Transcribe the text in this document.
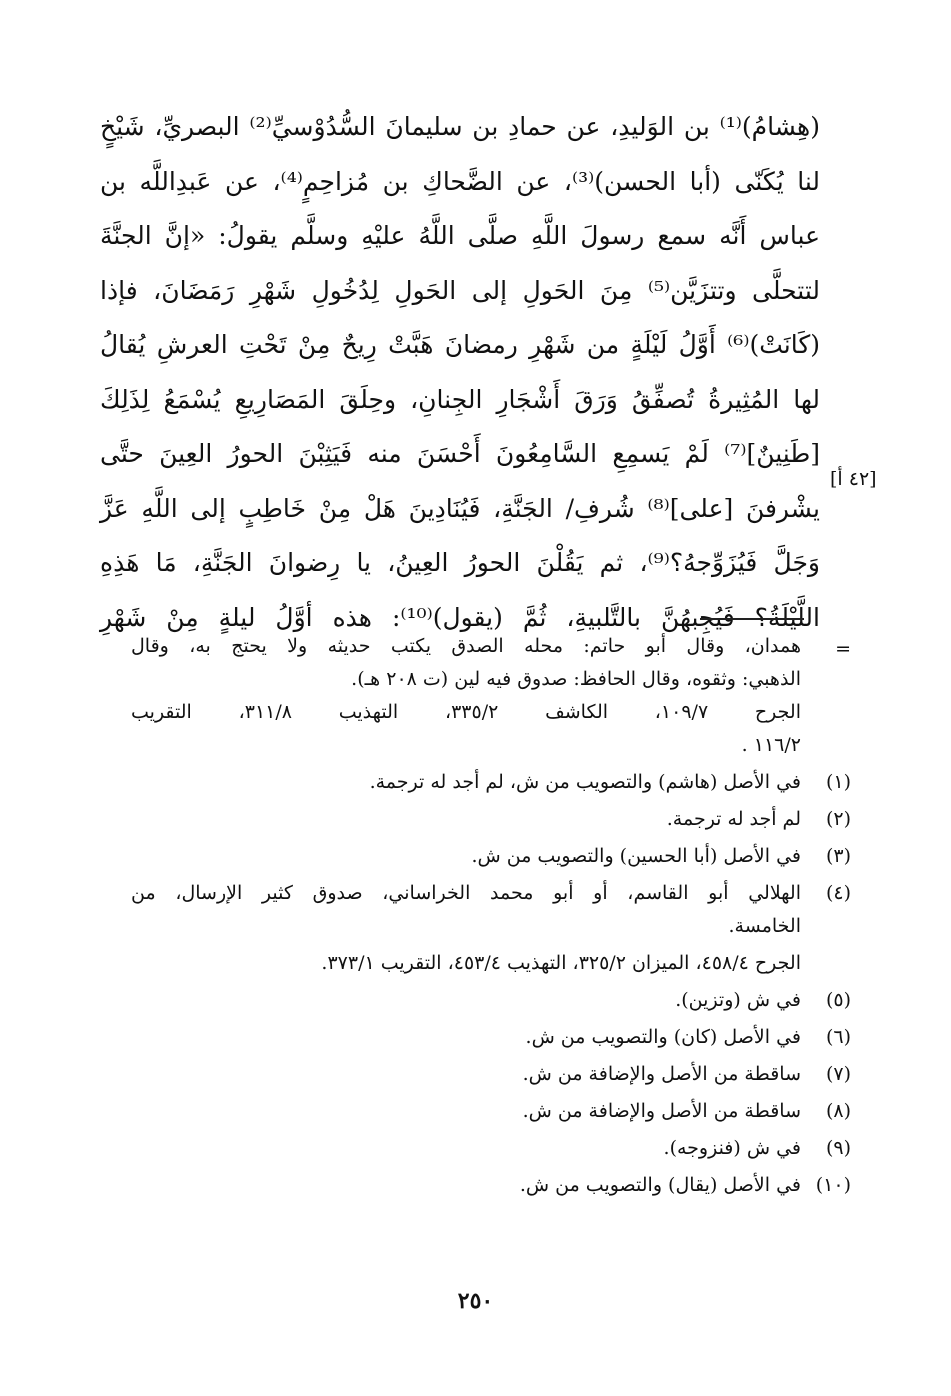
(هِشامُ)⁽¹⁾ بن الوَليدِ، عن حمادِ بن سليمانَ السُّدُوْسيِّ⁽²⁾ البصريِّ، شَيْخٍ
لنا يُكَنّى (أبا الحسن)⁽³⁾، عن الضَّحاكِ بن مُزاحِمٍ⁽⁴⁾، عن عَبدِاللَّه بن
عباس أَنَّه سمع رسولَ اللَّهِ صلَّى اللَّهُ عليْهِ وسلَّم يقولُ: «إنَّ الجنَّةَ
لتتحلَّى وتتزَيَّن⁽⁵⁾ مِنَ الحَولِ إلى الحَولِ لِدُخُولِ شَهْرِ رَمَضَانَ، فإذا
(كَانَتْ)⁽⁶⁾ أَوَّلُ لَيْلَةٍ من شَهْرِ رمضانَ هَبَّتْ رِيحٌ مِنْ تَحْتِ العرشِ يُقالُ
لها المُثِيرةُ تُصفِّقُ وَرَقَ أَشْجَارِ الجِنانِ، وحِلَقَ المَصَارِيعِ يُسْمَعُ لِذَلِكَ
[طَنِينٌ]⁽⁷⁾ لَمْ يَسمِعِ السَّامِعُونَ أَحْسَنَ منه فَيَثِبْنَ الحورُ العِينَ حتَّى
يشْرفنَ [على]⁽⁸⁾ شُرفِ/ الجَنَّةِ، فَيُنَادِينَ هَلْ مِنْ خَاطِبٍ إلى اللَّهِ عَزَّ
وَجَلَّ فَيُزَوِّجهُ؟⁽⁹⁾، ثم يَقُلْنَ الحورُ العِينُ، يا رِضوانَ الجَنَّةِ، مَا هَذِهِ
اللَّيْلَةُ؟ فَيُجِبهُنَّ بالتَّلبيةِ، ثُمَّ (يقول)⁽¹⁰⁾: هذه أوَّلُ ليلةٍ مِنْ شَهْرِ
[٤٢ أ]
=
همدان، وقال أبو حاتم: محله الصدق يكتب حديثه ولا يحتج به، وقال
الذهبي: وثقوه، وقال الحافظ: صدوق فيه لين (ت ٢٠٨ هـ).
الجرح ١٠٩/٧، الكاشف ٣٣٥/٢، التهذيب ٣١١/٨، التقريب
١١٦/٢ .
(١)
في الأصل (هاشم) والتصويب من ش، لم أجد له ترجمة.
(٢)
لم أجد له ترجمة.
(٣)
في الأصل (أبا الحسين) والتصويب من ش.
(٤)
الهلالي أبو القاسم، أو أبو محمد الخراساني، صدوق كثير الإرسال، من
الخامسة.
الجرح ٤٥٨/٤، الميزان ٣٢٥/٢، التهذيب ٤٥٣/٤، التقريب ٣٧٣/١.
(٥)
في ش (وتزين).
(٦)
في الأصل (كان) والتصويب من ش.
(٧)
ساقطة من الأصل والإضافة من ش.
(٨)
ساقطة من الأصل والإضافة من ش.
(٩)
في ش (فنزوجه).
(١٠)
في الأصل (يقال) والتصويب من ش.
٢٥٠
